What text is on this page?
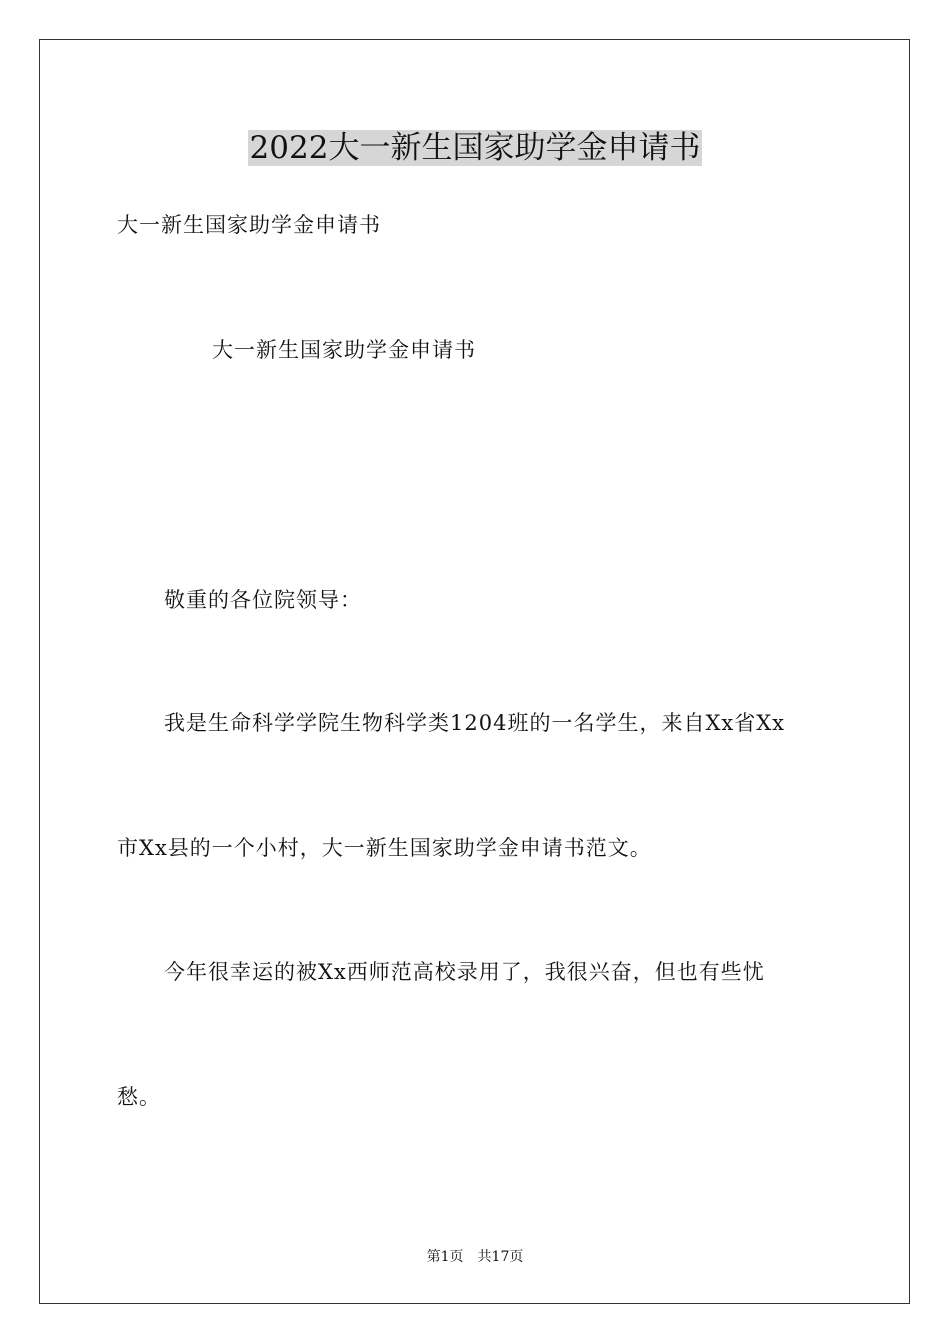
2022大一新生国家助学金申请书
大一新生国家助学金申请书
大一新生国家助学金申请书
敬重的各位院领导：
我是生命科学学院生物科学类1204班的一名学生，来自Xx省Xx
市Xx县的一个小村，大一新生国家助学金申请书范文。
今年很幸运的被Xx西师范高校录用了，我很兴奋，但也有些忧
愁。
第1页 共17页
